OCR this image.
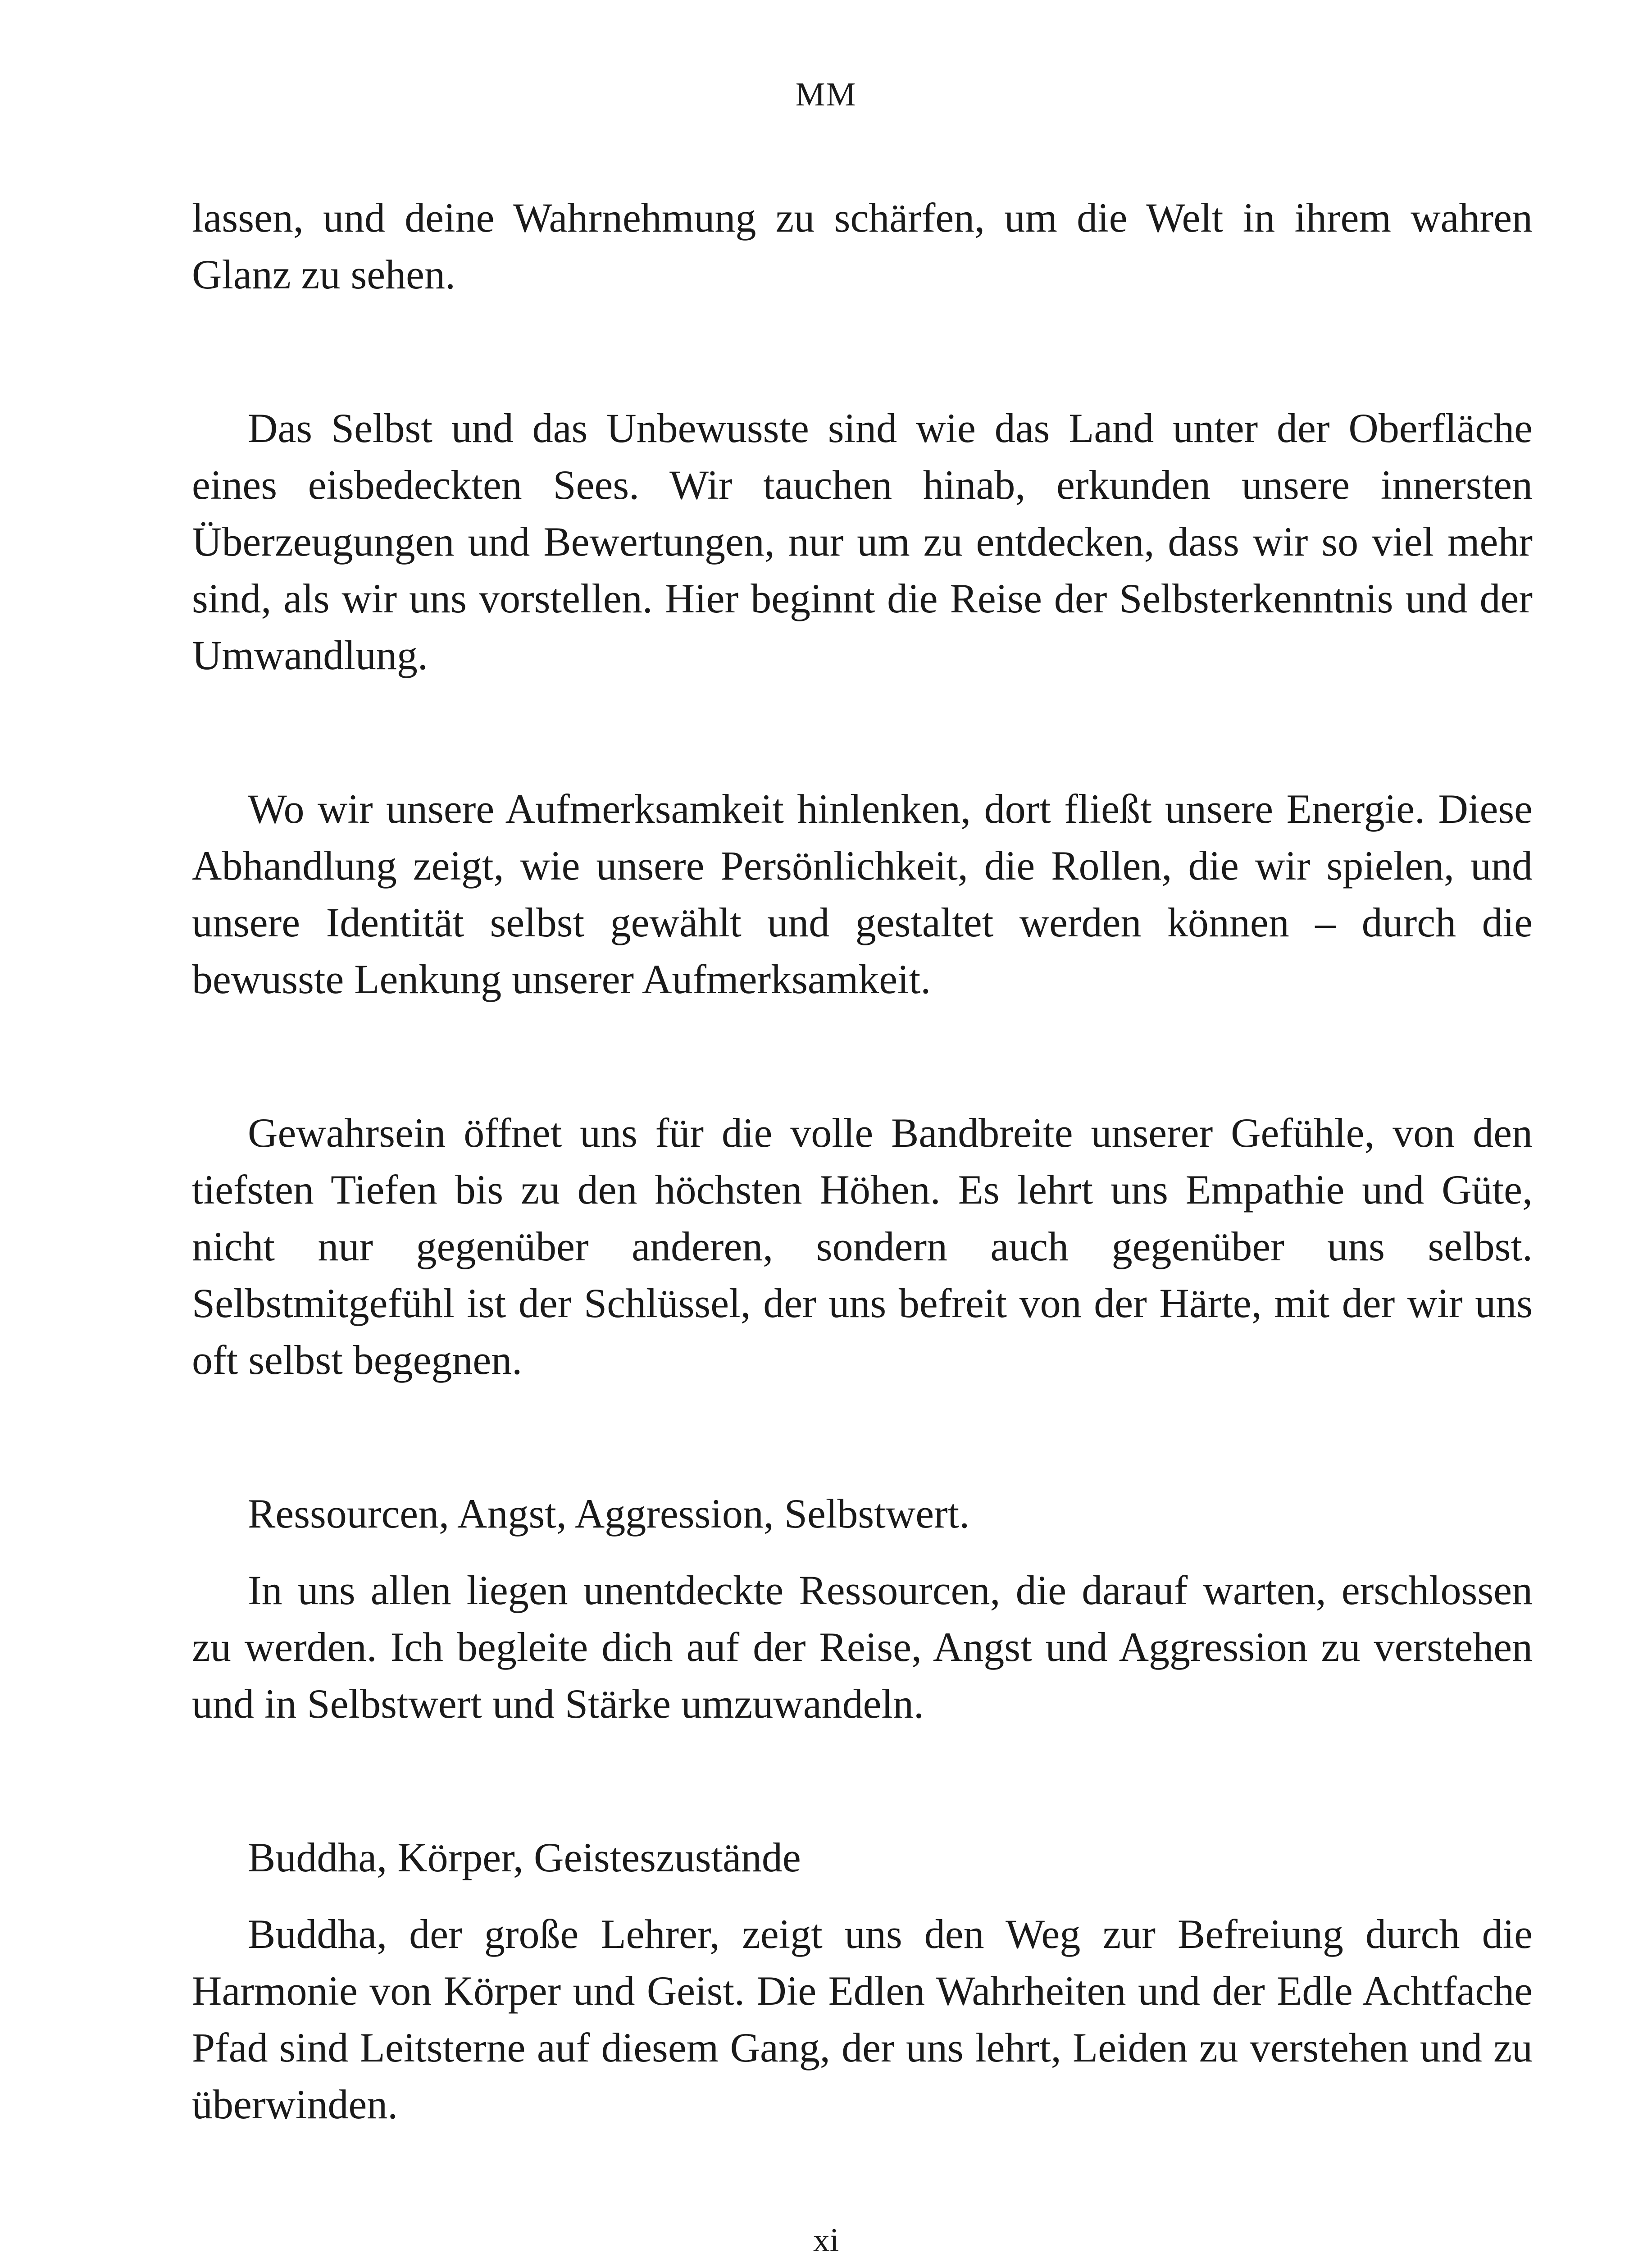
MM

lassen, und deine Wahrnehmung zu schärfen, um die Welt in ihrem wahren Glanz zu sehen.

Das Selbst und das Unbewusste sind wie das Land unter der Oberfläche eines eisbedeckten Sees. Wir tauchen hinab, erkunden unsere innersten Überzeugungen und Bewertungen, nur um zu entdecken, dass wir so viel mehr sind, als wir uns vorstellen. Hier beginnt die Reise der Selbsterkenntnis und der Umwandlung.

Wo wir unsere Aufmerksamkeit hinlenken, dort fließt unsere Energie. Diese Abhandlung zeigt, wie unsere Persönlichkeit, die Rollen, die wir spielen, und unsere Identität selbst gewählt und gestaltet werden können – durch die bewusste Lenkung unserer Aufmerksamkeit.

Gewahrsein öffnet uns für die volle Bandbreite unserer Gefühle, von den tiefsten Tiefen bis zu den höchsten Höhen. Es lehrt uns Empathie und Güte, nicht nur gegenüber anderen, sondern auch gegenüber uns selbst. Selbstmitgefühl ist der Schlüssel, der uns befreit von der Härte, mit der wir uns oft selbst begegnen.

Ressourcen, Angst, Aggression, Selbstwert.

In uns allen liegen unentdeckte Ressourcen, die darauf warten, erschlossen zu werden. Ich begleite dich auf der Reise, Angst und Aggression zu verstehen und in Selbstwert und Stärke umzuwandeln.

Buddha, Körper, Geisteszustände

Buddha, der große Lehrer, zeigt uns den Weg zur Befreiung durch die Harmonie von Körper und Geist. Die Edlen Wahrheiten und der Edle Achtfache Pfad sind Leitsterne auf diesem Gang, der uns lehrt, Leiden zu verstehen und zu überwinden.

xi
